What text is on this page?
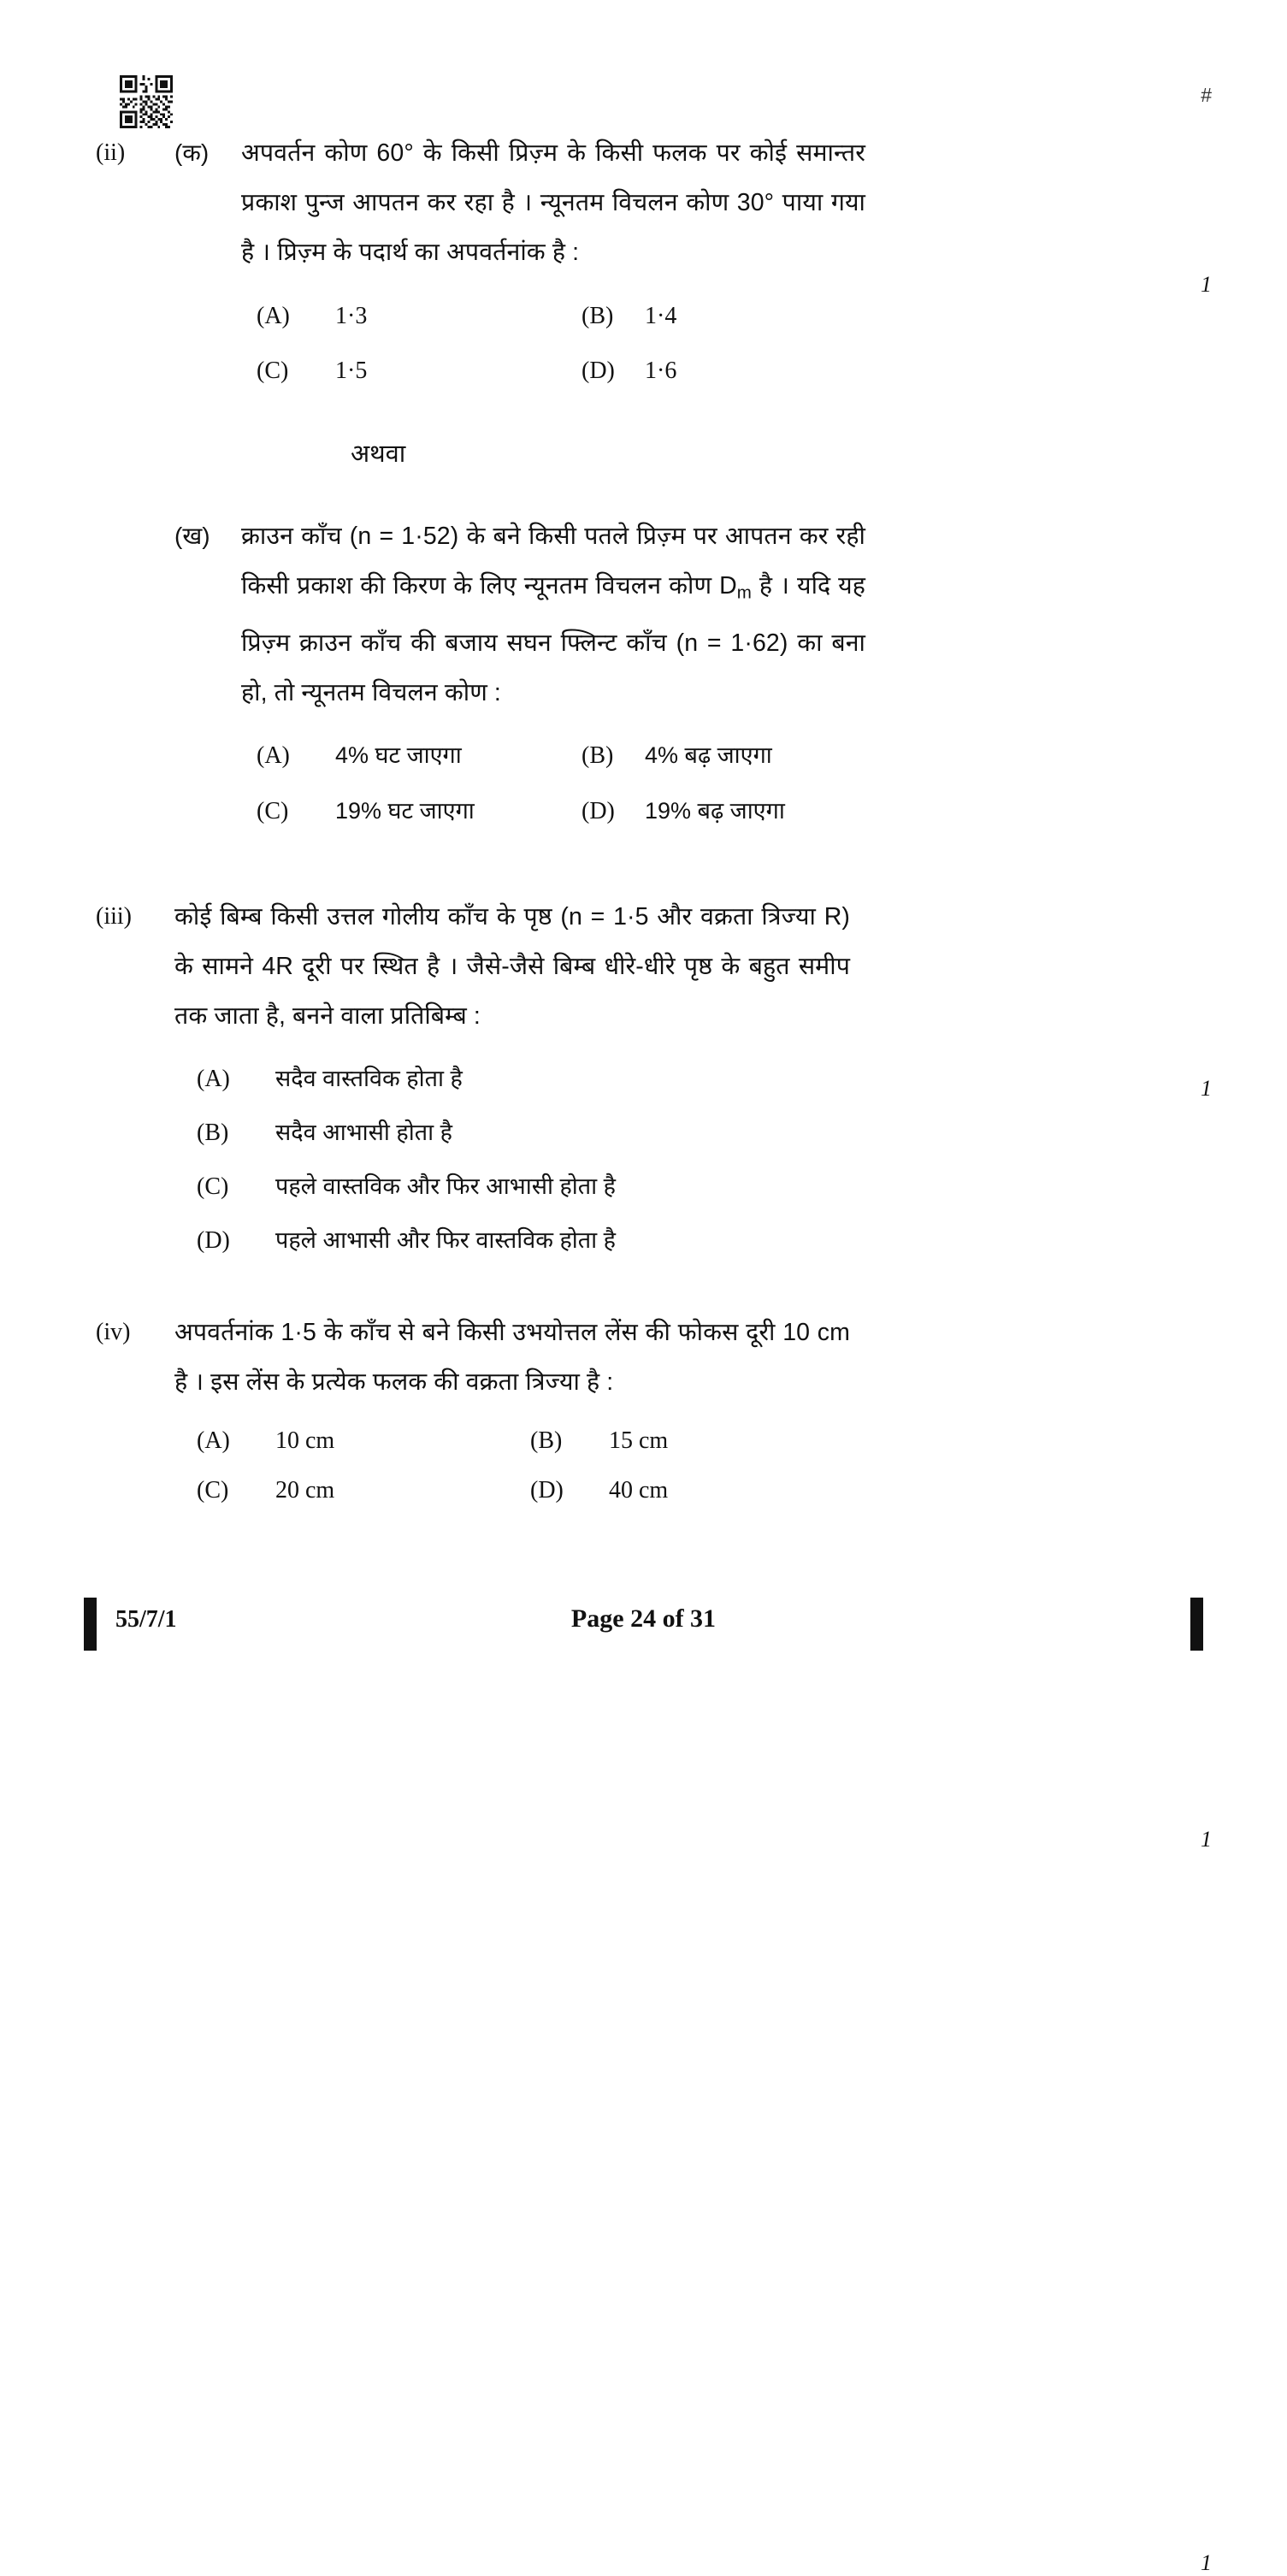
#
(ii)	(क)	अपवर्तन कोण 60° के किसी प्रिज़्म के किसी फलक पर कोई समान्तर प्रकाश पुन्ज आपतन कर रहा है । न्यूनतम विचलन कोण 30° पाया गया है । प्रिज़्म के पदार्थ का अपवर्तनांक है :
1
(A)	1·3	(B)	1·4
(C)	1·5	(D)	1·6
अथवा
(ख)	क्राउन काँच (n = 1·52) के बने किसी पतले प्रिज़्म पर आपतन कर रही किसी प्रकाश की किरण के लिए न्यूनतम विचलन कोण $D_m$ है । यदि यह प्रिज़्म क्राउन काँच की बजाय सघन फ्लिन्ट काँच (n = 1·62) का बना हो, तो न्यूनतम विचलन कोण :
1
(A)	4% घट जाएगा	(B)	4% बढ़ जाएगा
(C)	19% घट जाएगा	(D)	19% बढ़ जाएगा
(iii)	कोई बिम्ब किसी उत्तल गोलीय काँच के पृष्ठ (n = 1·5 और वक्रता त्रिज्या R) के सामने 4R दूरी पर स्थित है । जैसे-जैसे बिम्ब धीरे-धीरे पृष्ठ के बहुत समीप तक जाता है, बनने वाला प्रतिबिम्ब :
1
(A)	सदैव वास्तविक होता है
(B)	सदैव आभासी होता है
(C)	पहले वास्तविक और फिर आभासी होता है
(D)	पहले आभासी और फिर वास्तविक होता है
(iv)	अपवर्तनांक 1·5 के काँच से बने किसी उभयोत्तल लेंस की फोकस दूरी 10 cm है । इस लेंस के प्रत्येक फलक की वक्रता त्रिज्या है :
1
(A)	10 cm	(B)	15 cm
(C)	20 cm	(D)	40 cm
55/7/1	Page 24 of 31
